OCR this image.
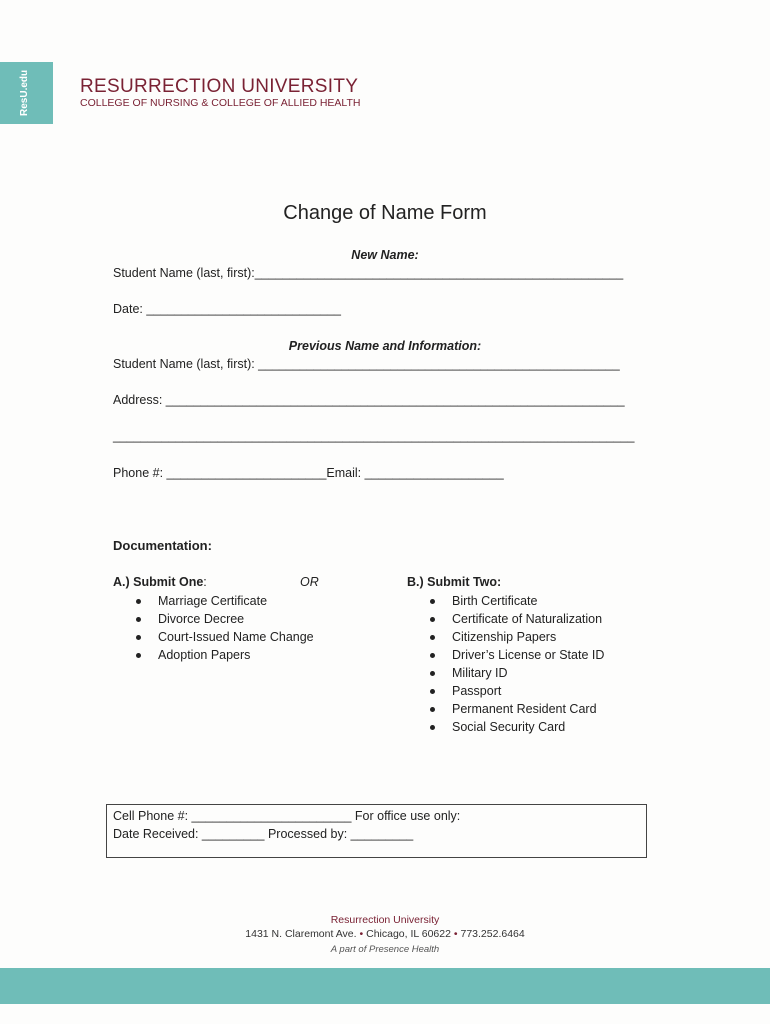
ResU.edu	RESURRECTION UNIVERSITY
COLLEGE OF NURSING & COLLEGE OF ALLIED HEALTH
Change of Name Form
New Name:
Student Name (last, first):_____________________________________________________
Date: ____________________________
Previous Name and Information:
Student Name (last, first): ____________________________________________________
Address: __________________________________________________________________
___________________________________________________________________________
Phone #: _______________________Email: ____________________
Documentation:
A.) Submit One:	OR
Marriage Certificate
Divorce Decree
Court-Issued Name Change
Adoption Papers
B.) Submit Two:
Birth Certificate
Certificate of Naturalization
Citizenship Papers
Driver’s License or State ID
Military ID
Passport
Permanent Resident Card
Social Security Card
Cell Phone #: _______________________ For office use only:
Date Received: _________ Processed by: _________
Resurrection University
1431 N. Claremont Ave. • Chicago, IL 60622 • 773.252.6464
A part of Presence Health
